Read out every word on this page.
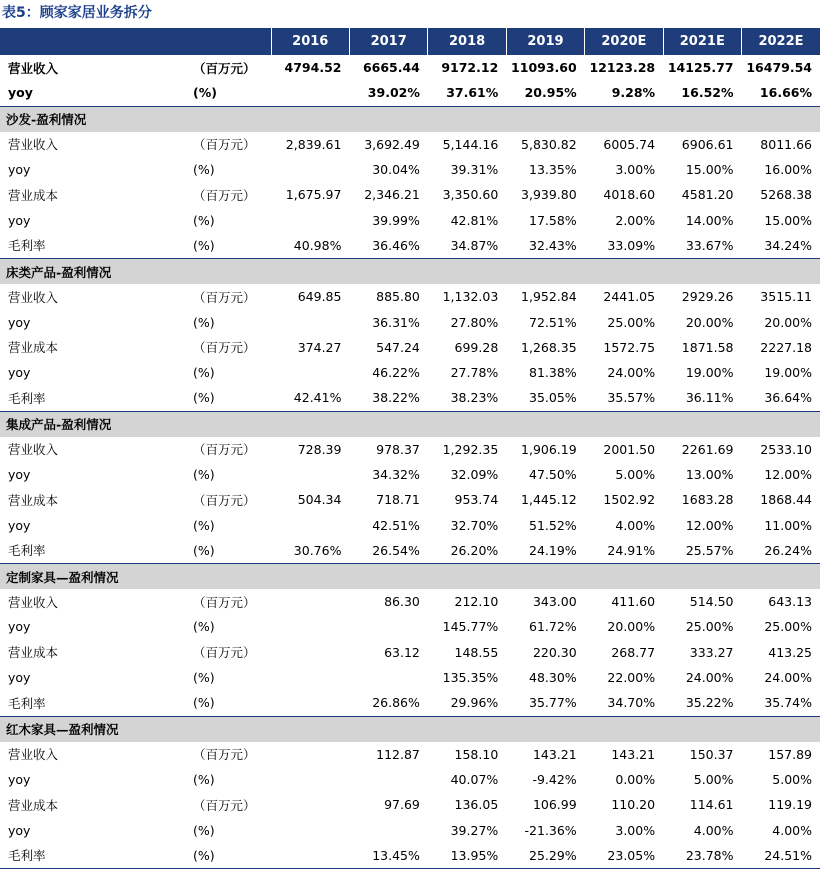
表5：顾家家居业务拆分
		2016	2017	2018	2019	2020E	2021E	2022E
营业收入	（百万元）	4794.52	6665.44	9172.12	11093.60	12123.28	14125.77	16479.54
yoy	(%)		39.02%	37.61%	20.95%	9.28%	16.52%	16.66%
沙发-盈利情况								
营业收入	（百万元）	2,839.61	3,692.49	5,144.16	5,830.82	6005.74	6906.61	8011.66
yoy	(%)		30.04%	39.31%	13.35%	3.00%	15.00%	16.00%
营业成本	（百万元）	1,675.97	2,346.21	3,350.60	3,939.80	4018.60	4581.20	5268.38
yoy	(%)		39.99%	42.81%	17.58%	2.00%	14.00%	15.00%
毛利率	(%)	40.98%	36.46%	34.87%	32.43%	33.09%	33.67%	34.24%
床类产品-盈利情况								
营业收入	（百万元）	649.85	885.80	1,132.03	1,952.84	2441.05	2929.26	3515.11
yoy	(%)		36.31%	27.80%	72.51%	25.00%	20.00%	20.00%
营业成本	（百万元）	374.27	547.24	699.28	1,268.35	1572.75	1871.58	2227.18
yoy	(%)		46.22%	27.78%	81.38%	24.00%	19.00%	19.00%
毛利率	(%)	42.41%	38.22%	38.23%	35.05%	35.57%	36.11%	36.64%
集成产品-盈利情况								
营业收入	（百万元）	728.39	978.37	1,292.35	1,906.19	2001.50	2261.69	2533.10
yoy	(%)		34.32%	32.09%	47.50%	5.00%	13.00%	12.00%
营业成本	（百万元）	504.34	718.71	953.74	1,445.12	1502.92	1683.28	1868.44
yoy	(%)		42.51%	32.70%	51.52%	4.00%	12.00%	11.00%
毛利率	(%)	30.76%	26.54%	26.20%	24.19%	24.91%	25.57%	26.24%
定制家具—盈利情况								
营业收入	（百万元）		86.30	212.10	343.00	411.60	514.50	643.13
yoy	(%)			145.77%	61.72%	20.00%	25.00%	25.00%
营业成本	（百万元）		63.12	148.55	220.30	268.77	333.27	413.25
yoy	(%)			135.35%	48.30%	22.00%	24.00%	24.00%
毛利率	(%)		26.86%	29.96%	35.77%	34.70%	35.22%	35.74%
红木家具—盈利情况								
营业收入	（百万元）		112.87	158.10	143.21	143.21	150.37	157.89
yoy	(%)			40.07%	-9.42%	0.00%	5.00%	5.00%
营业成本	（百万元）		97.69	136.05	106.99	110.20	114.61	119.19
yoy	(%)			39.27%	-21.36%	3.00%	4.00%	4.00%
毛利率	(%)		13.45%	13.95%	25.29%	23.05%	23.78%	24.51%
